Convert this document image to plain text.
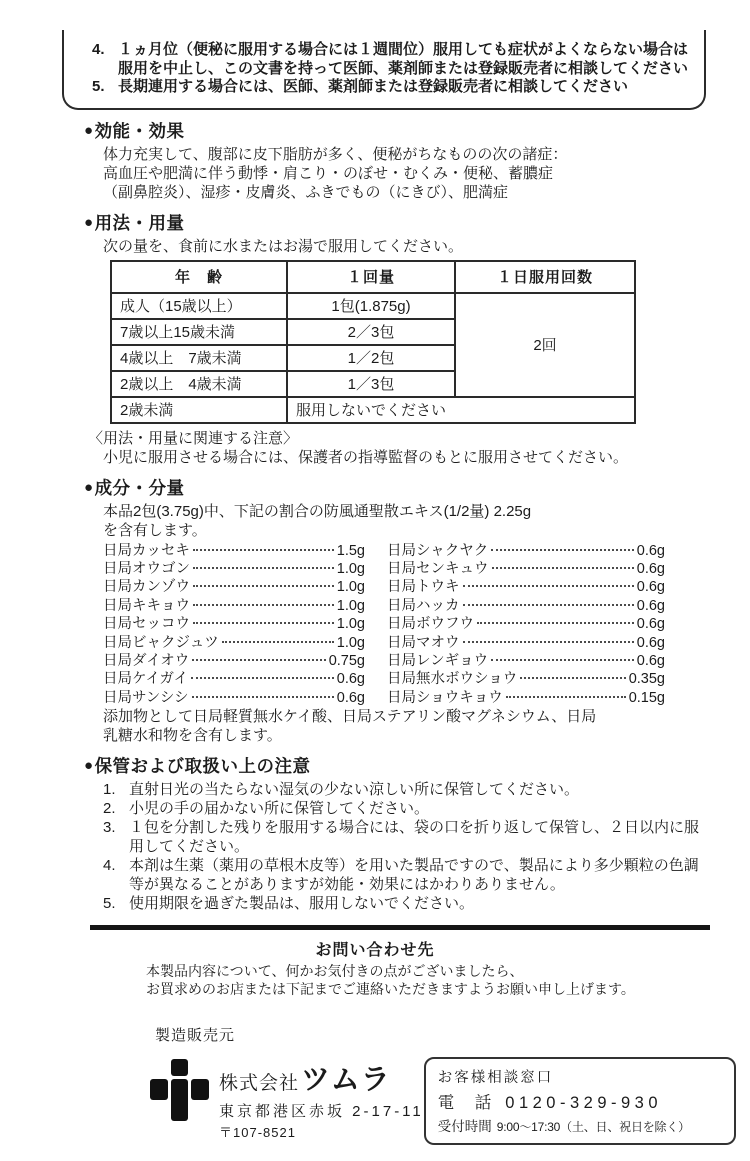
4. １ヵ月位（便秘に服用する場合には１週間位）服用しても症状がよくならない場合は服用を中止し、この文書を持って医師、薬剤師または登録販売者に相談してください
5. 長期連用する場合には、医師、薬剤師または登録販売者に相談してください
● 効能・効果
体力充実して、腹部に皮下脂肪が多く、便秘がちなものの次の諸症：
高血圧や肥満に伴う動悸・肩こり・のぼせ・むくみ・便秘、蓄膿症
（副鼻腔炎）、湿疹・皮膚炎、ふきでもの（にきび）、肥満症
● 用法・用量
次の量を、食前に水またはお湯で服用してください。
年　齢	１回量	１日服用回数
成人（15歳以上）	1包(1.875g)	2回
7歳以上15歳未満	2／3包	
4歳以上　7歳未満	1／2包	
2歳以上　4歳未満	1／3包	
2歳未満	服用しないでください	
〈用法・用量に関連する注意〉
小児に服用させる場合には、保護者の指導監督のもとに服用させてください。
● 成分・分量
本品2包(3.75g)中、下記の割合の防風通聖散エキス(1/2量) 2.25g
を含有します。
日局カッセキ	1.5g
日局オウゴン	1.0g
日局カンゾウ	1.0g
日局キキョウ	1.0g
日局セッコウ	1.0g
日局ビャクジュツ	1.0g
日局ダイオウ	0.75g
日局ケイガイ	0.6g
日局サンシシ	0.6g
日局シャクヤク	0.6g
日局センキュウ	0.6g
日局トウキ	0.6g
日局ハッカ	0.6g
日局ボウフウ	0.6g
日局マオウ	0.6g
日局レンギョウ	0.6g
日局無水ボウショウ	0.35g
日局ショウキョウ	0.15g
添加物として日局軽質無水ケイ酸、日局ステアリン酸マグネシウム、日局
乳糖水和物を含有します。
● 保管および取扱い上の注意
1. 直射日光の当たらない湿気の少ない涼しい所に保管してください。
2. 小児の手の届かない所に保管してください。
3. １包を分割した残りを服用する場合には、袋の口を折り返して保管し、２日以内に服用してください。
4. 本剤は生薬（薬用の草根木皮等）を用いた製品ですので、製品により多少顆粒の色調等が異なることがありますが効能・効果にはかわりありません。
5. 使用期限を過ぎた製品は、服用しないでください。
お問い合わせ先
本製品内容について、何かお気付きの点がございましたら、
お買求めのお店または下記までご連絡いただきますようお願い申し上げます。
製造販売元
株式会社 ツムラ
東京都港区赤坂 2-17-11
〒107-8521
お客様相談窓口
電　話 0120-329-930
受付時間 9:00〜17:30（土、日、祝日を除く）
